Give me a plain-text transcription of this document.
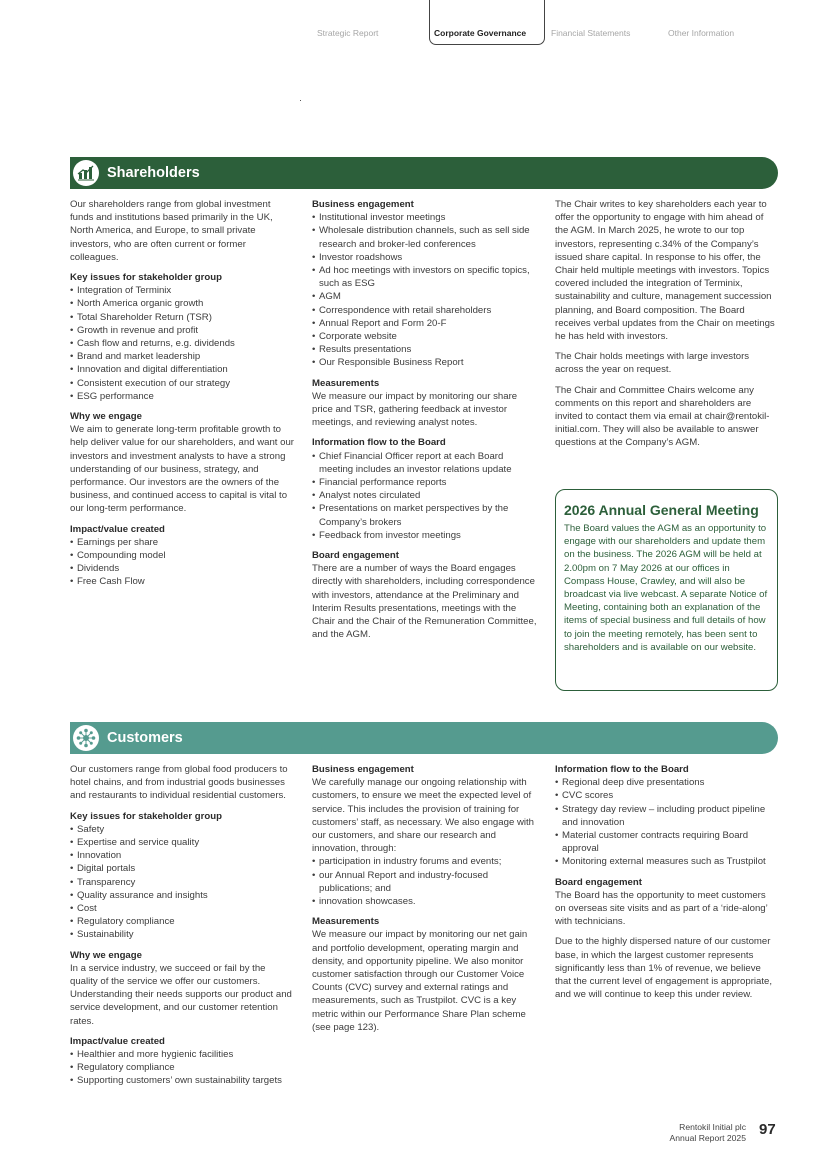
Strategic Report	Corporate Governance	Financial Statements	Other Information
Shareholders

Our shareholders range from global investment funds and institutions based primarily in the UK, North America, and Europe, to small private investors, who are often current or former colleagues.

Key issues for stakeholder group
• Integration of Terminix
• North America organic growth
• Total Shareholder Return (TSR)
• Growth in revenue and profit
• Cash flow and returns, e.g. dividends
• Brand and market leadership
• Innovation and digital differentiation
• Consistent execution of our strategy
• ESG performance
Why we engage

We aim to generate long-term profitable growth to help deliver value for our shareholders, and want our investors and investment analysts to have a strong understanding of our business, strategy, and performance. Our investors are the owners of the business, and continued access to capital is vital to our long-term performance.

Impact/value created
• Earnings per share
• Compounding model
• Dividends
• Free Cash Flow
Business engagement
• Institutional investor meetings
• Wholesale distribution channels, such as sell side research and broker-led conferences
• Investor roadshows
• Ad hoc meetings with investors on specific topics, such as ESG
• AGM
• Correspondence with retail shareholders
• Annual Report and Form 20-F
• Corporate website
• Results presentations
• Our Responsible Business Report
Measurements

We measure our impact by monitoring our share price and TSR, gathering feedback at investor meetings, and reviewing analyst notes.

Information flow to the Board
• Chief Financial Officer report at each Board meeting includes an investor relations update
• Financial performance reports
• Analyst notes circulated
• Presentations on market perspectives by the Company’s brokers
• Feedback from investor meetings
Board engagement

There are a number of ways the Board engages directly with shareholders, including correspondence with investors, attendance at the Preliminary and Interim Results presentations, meetings with the Chair and the Chair of the Remuneration Committee, and the AGM.

The Chair writes to key shareholders each year to offer the opportunity to engage with him ahead of the AGM. In March 2025, he wrote to our top investors, representing c.34% of the Company’s issued share capital. In response to his offer, the Chair held multiple meetings with investors. Topics covered included the integration of Terminix, sustainability and culture, management succession planning, and Board composition. The Board receives verbal updates from the Chair on meetings he has held with investors.

The Chair holds meetings with large investors across the year on request.

The Chair and Committee Chairs welcome any comments on this report and shareholders are invited to contact them via email at chair@rentokil-initial.com. They will also be available to answer questions at the Company’s AGM.

2026 Annual General Meeting
The Board values the AGM as an opportunity to engage with our shareholders and update them on the business. The 2026 AGM will be held at 2.00pm on 7 May 2026 at our offices in Compass House, Crawley, and will also be broadcast via live webcast. A separate Notice of Meeting, containing both an explanation of the items of special business and full details of how to join the meeting remotely, has been sent to shareholders and is available on our website.
Customers

Our customers range from global food producers to hotel chains, and from industrial goods businesses and restaurants to individual residential customers.

Key issues for stakeholder group
• Safety
• Expertise and service quality
• Innovation
• Digital portals
• Transparency
• Quality assurance and insights
• Cost
• Regulatory compliance
• Sustainability
Why we engage

In a service industry, we succeed or fail by the quality of the service we offer our customers. Understanding their needs supports our product and service development, and our customer retention rates.

Impact/value created
• Healthier and more hygienic facilities
• Regulatory compliance
• Supporting customers’ own sustainability targets
Business engagement

We carefully manage our ongoing relationship with customers, to ensure we meet the expected level of service. This includes the provision of training for customers’ staff, as necessary. We also engage with our customers, and share our research and innovation, through:

• participation in industry forums and events;
• our Annual Report and industry-focused publications; and
• innovation showcases.
Measurements

We measure our impact by monitoring our net gain and portfolio development, operating margin and density, and opportunity pipeline. We also monitor customer satisfaction through our Customer Voice Counts (CVC) survey and external ratings and measurements, such as Trustpilot. CVC is a key metric within our Performance Share Plan scheme (see page 123).

Information flow to the Board
• Regional deep dive presentations
• CVC scores
• Strategy day review – including product pipeline and innovation
• Material customer contracts requiring Board approval
• Monitoring external measures such as Trustpilot
Board engagement

The Board has the opportunity to meet customers on overseas site visits and as part of a ‘ride-along’ with technicians.

Due to the highly dispersed nature of our customer base, in which the largest customer represents significantly less than 1% of revenue, we believe that the current level of engagement is appropriate, and we will continue to keep this under review.

Rentokil Initial plc
Annual Report 2025 97
